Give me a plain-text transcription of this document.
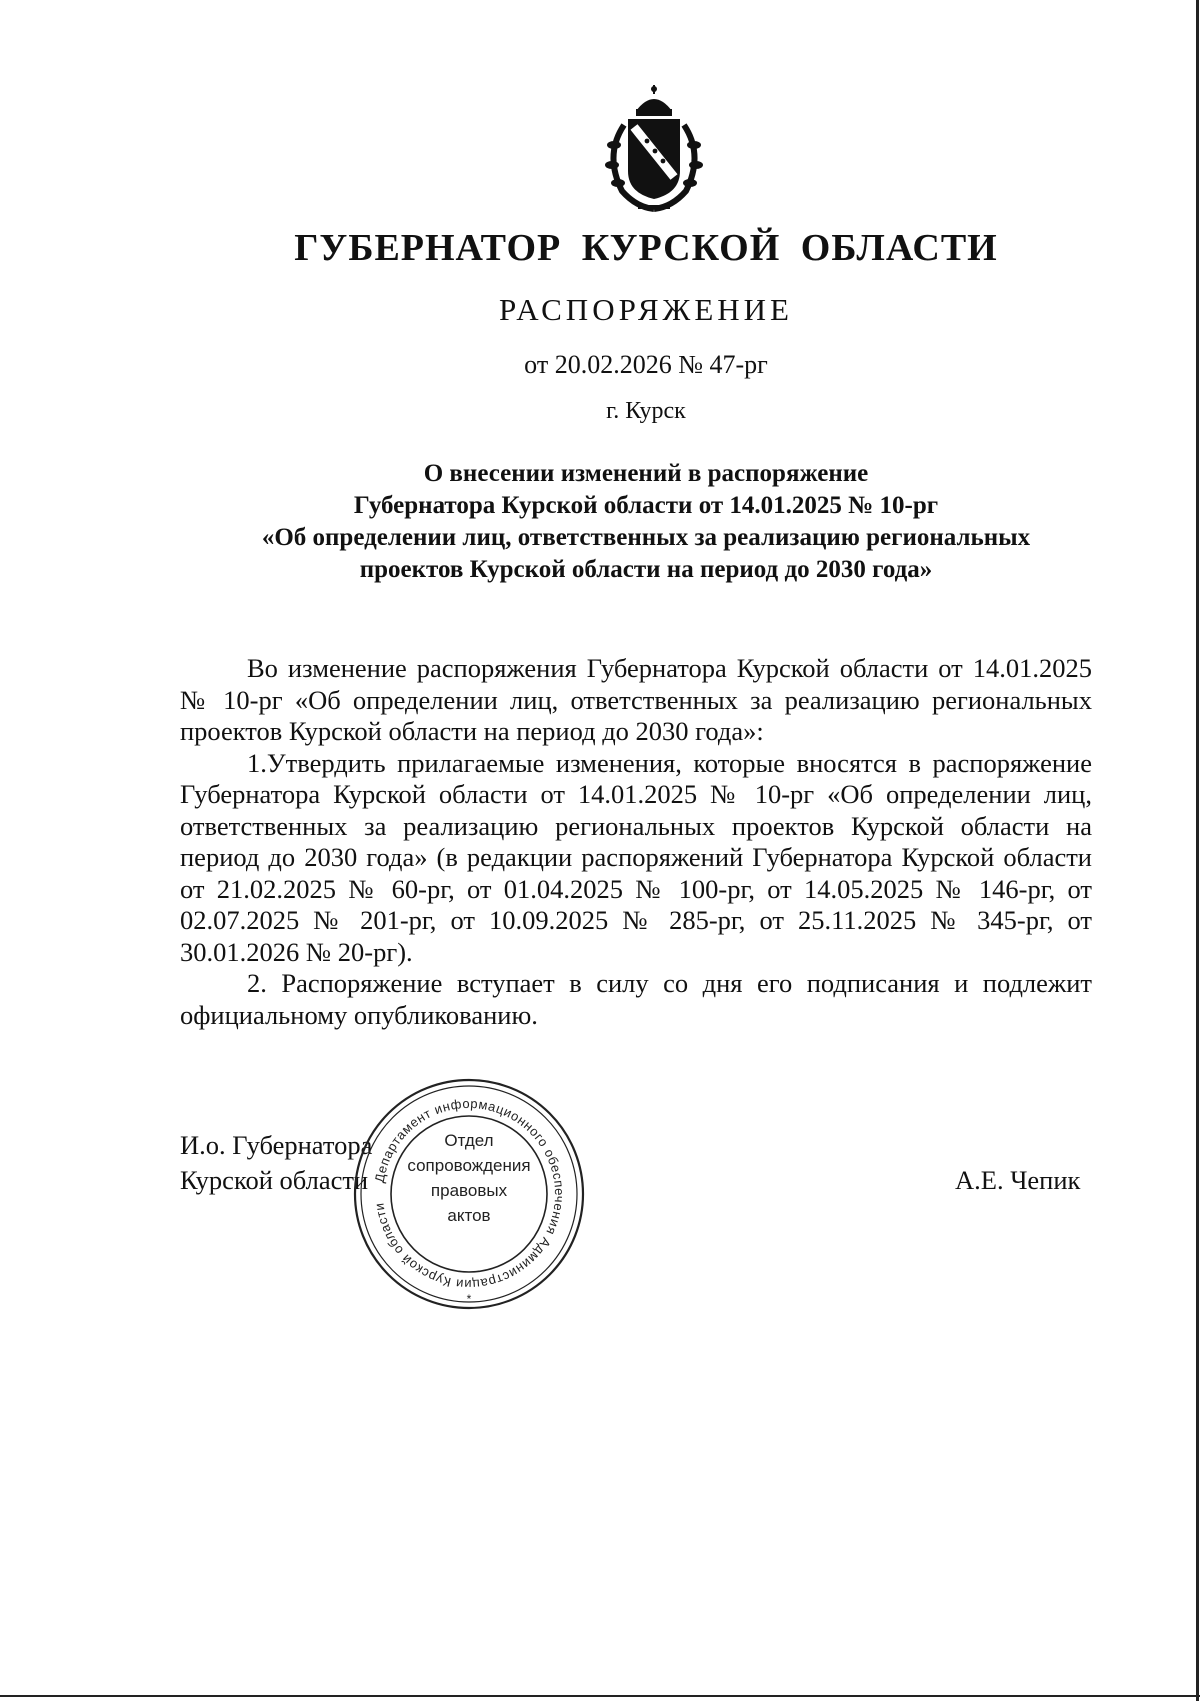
ГУБЕРНАТОР КУРСКОЙ ОБЛАСТИ
РАСПОРЯЖЕНИЕ
от 20.02.2026 № 47-рг
г. Курск
О внесении изменений в распоряжение
Губернатора Курской области от 14.01.2025 № 10-рг
«Об определении лиц, ответственных за реализацию региональных
проектов Курской области на период до 2030 года»

Во изменение распоряжения Губернатора Курской области от 14.01.2025 № 10-рг «Об определении лиц, ответственных за реализацию региональных проектов Курской области на период до 2030 года»:

1.Утвердить прилагаемые изменения, которые вносятся в распоряжение Губернатора Курской области от 14.01.2025 № 10-рг «Об определении лиц, ответственных за реализацию региональных проектов Курской области на период до 2030 года» (в редакции распоряжений Губернатора Курской области от 21.02.2025 № 60-рг, от 01.04.2025 № 100-рг, от 14.05.2025 № 146-рг, от 02.07.2025 № 201-рг, от 10.09.2025 № 285-рг, от 25.11.2025 № 345-рг, от 30.01.2026 № 20-рг).

2. Распоряжение вступает в силу со дня его подписания и подлежит официальному опубликованию.

И.о. Губернатора
Курской области	А.Е. Чепик
Департамент информационного обеспечения Администрации Курской области
*
Отдел
сопровождения
правовых
актов
